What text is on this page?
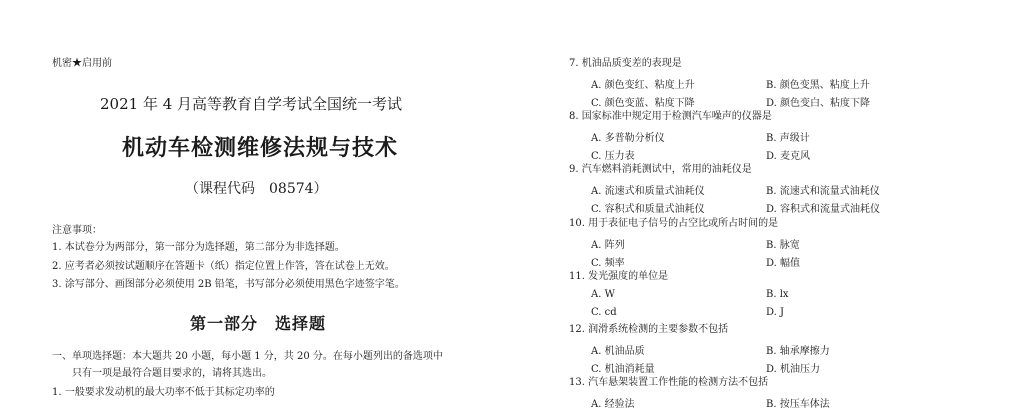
机密★启用前
2021 年 4 月高等教育自学考试全国统一考试
机动车检测维修法规与技术
（课程代码　08574）
注意事项：
1. 本试卷分为两部分，第一部分为选择题，第二部分为非选择题。
2. 应考者必须按试题顺序在答题卡（纸）指定位置上作答，答在试卷上无效。
3. 涂写部分、画图部分必须使用 2B 铅笔，书写部分必须使用黑色字迹签字笔。
第一部分　选择题
一、单项选择题：本大题共 20 小题，每小题 1 分，共 20 分。在每小题列出的备选项中
只有一项是最符合题目要求的，请将其选出。
1. 一般要求发动机的最大功率不低于其标定功率的
7. 机油品质变差的表现是
A. 颜色变红、粘度上升	B. 颜色变黑、粘度上升
C. 颜色变蓝、粘度下降	D. 颜色变白、粘度下降
8. 国家标准中规定用于检测汽车噪声的仪器是
A. 多普勒分析仪	B. 声级计
C. 压力表	D. 麦克风
9. 汽车燃料消耗测试中，常用的油耗仪是
A. 流速式和质量式油耗仪	B. 流速式和流量式油耗仪
C. 容积式和质量式油耗仪	D. 容积式和流量式油耗仪
10. 用于表征电子信号的占空比或所占时间的是
A. 阵列	B. 脉宽
C. 频率	D. 幅值
11. 发光强度的单位是
A. W	B. lx
C. cd	D. J
12. 润滑系统检测的主要参数不包括
A. 机油品质	B. 轴承摩擦力
C. 机油消耗量	D. 机油压力
13. 汽车悬架装置工作性能的检测方法不包括
A. 经验法	B. 按压车体法
